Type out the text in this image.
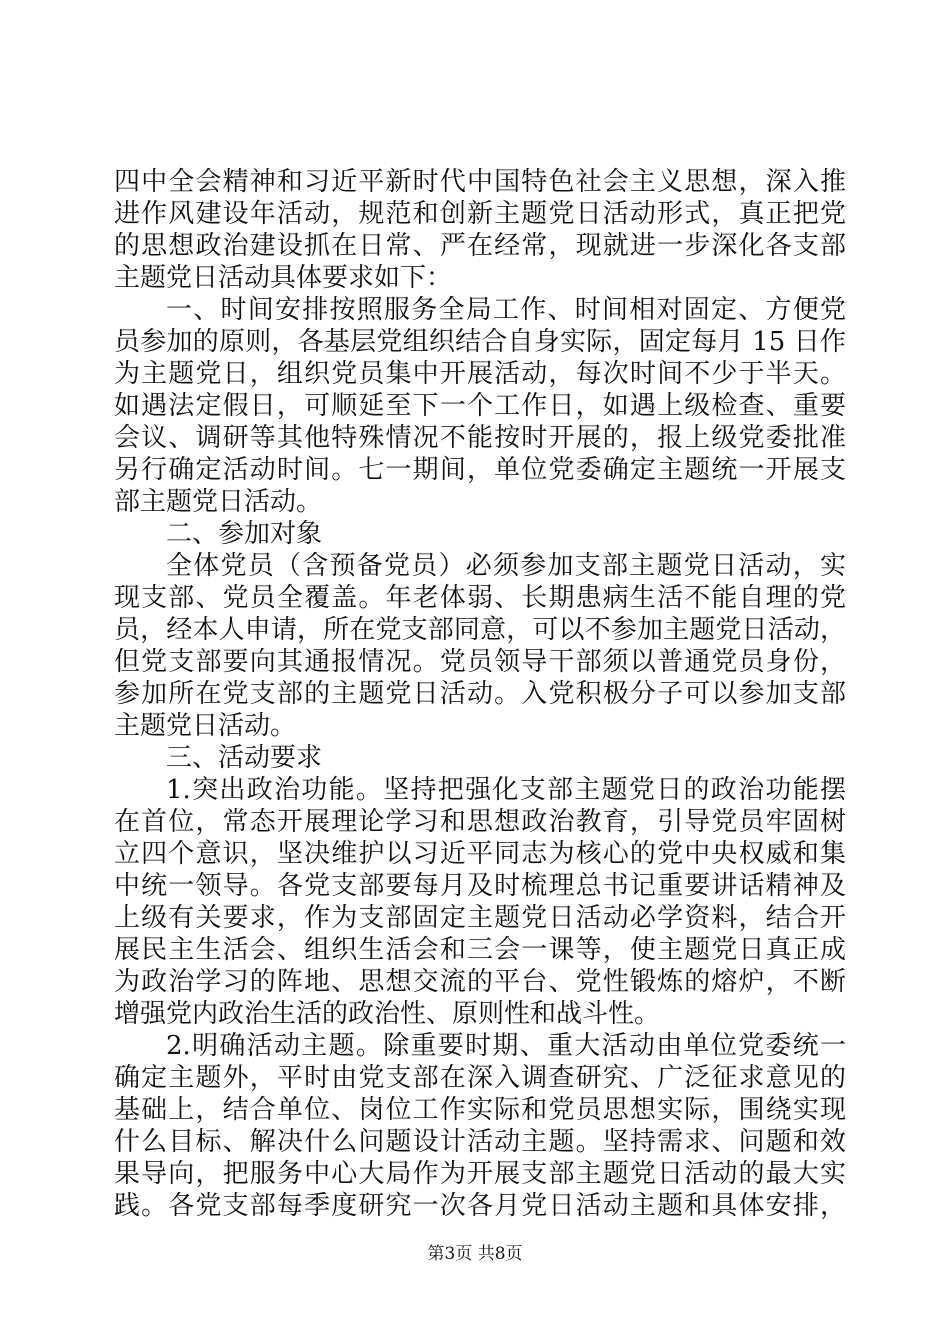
四中全会精神和习近平新时代中国特色社会主义思想，深入推
进作风建设年活动，规范和创新主题党日活动形式，真正把党
的思想政治建设抓在日常、严在经常，现就进一步深化各支部
主题党日活动具体要求如下：
一、时间安排按照服务全局工作、时间相对固定、方便党
员参加的原则，各基层党组织结合自身实际，固定每月 15 日作
为主题党日，组织党员集中开展活动，每次时间不少于半天。
如遇法定假日，可顺延至下一个工作日，如遇上级检查、重要
会议、调研等其他特殊情况不能按时开展的，报上级党委批准
另行确定活动时间。七一期间，单位党委确定主题统一开展支
部主题党日活动。
二、参加对象
全体党员（含预备党员）必须参加支部主题党日活动，实
现支部、党员全覆盖。年老体弱、长期患病生活不能自理的党
员，经本人申请，所在党支部同意，可以不参加主题党日活动，
但党支部要向其通报情况。党员领导干部须以普通党员身份，
参加所在党支部的主题党日活动。入党积极分子可以参加支部
主题党日活动。
三、活动要求
1.突出政治功能。坚持把强化支部主题党日的政治功能摆
在首位，常态开展理论学习和思想政治教育，引导党员牢固树
立四个意识，坚决维护以习近平同志为核心的党中央权威和集
中统一领导。各党支部要每月及时梳理总书记重要讲话精神及
上级有关要求，作为支部固定主题党日活动必学资料，结合开
展民主生活会、组织生活会和三会一课等，使主题党日真正成
为政治学习的阵地、思想交流的平台、党性锻炼的熔炉，不断
增强党内政治生活的政治性、原则性和战斗性。
2.明确活动主题。除重要时期、重大活动由单位党委统一
确定主题外，平时由党支部在深入调查研究、广泛征求意见的
基础上，结合单位、岗位工作实际和党员思想实际，围绕实现
什么目标、解决什么问题设计活动主题。坚持需求、问题和效
果导向，把服务中心大局作为开展支部主题党日活动的最大实
践。各党支部每季度研究一次各月党日活动主题和具体安排，
第3页 共8页
